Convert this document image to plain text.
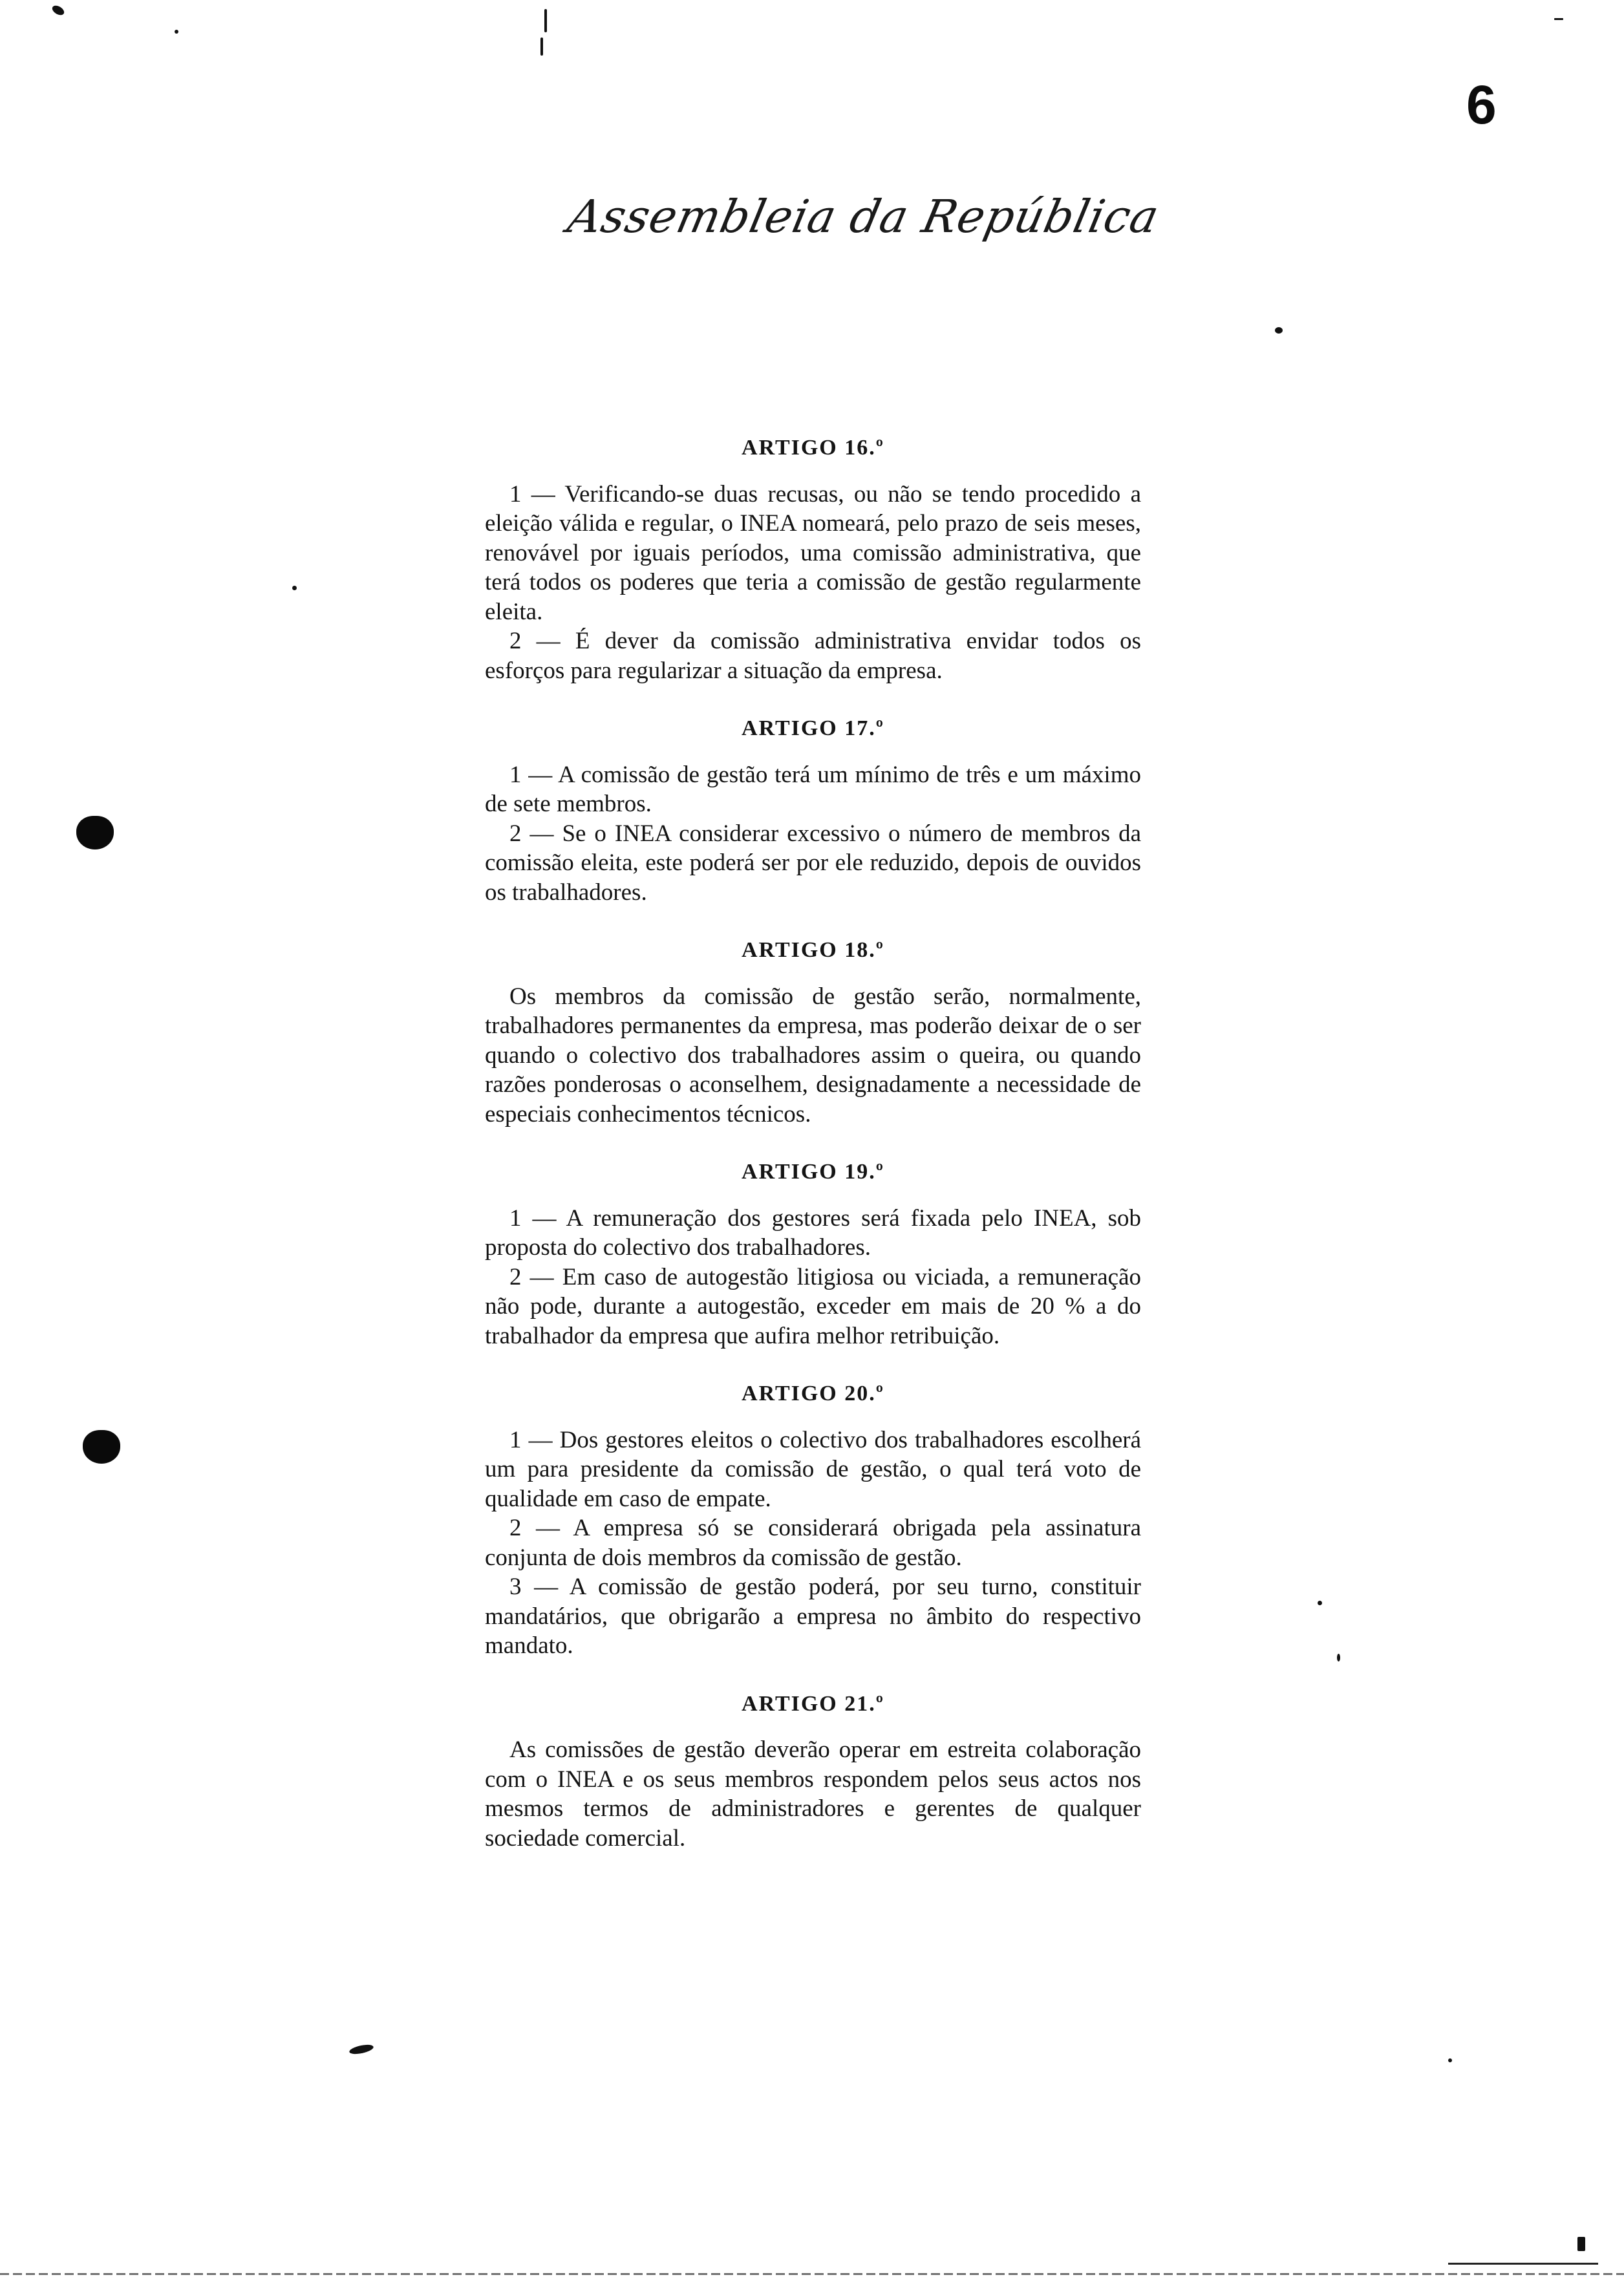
6
Assembleia da República
ARTIGO 16.º

1 — Verificando-se duas recusas, ou não se tendo procedido a eleição válida e regular, o INEA nomeará, pelo prazo de seis meses, renovável por iguais períodos, uma comissão administrativa, que terá todos os poderes que teria a comissão de gestão regularmente eleita.

2 — É dever da comissão administrativa envidar todos os esforços para regularizar a situação da empresa.

ARTIGO 17.º

1 — A comissão de gestão terá um mínimo de três e um máximo de sete membros.

2 — Se o INEA considerar excessivo o número de membros da comissão eleita, este poderá ser por ele reduzido, depois de ouvidos os trabalhadores.

ARTIGO 18.º

Os membros da comissão de gestão serão, normalmente, trabalhadores permanentes da empresa, mas poderão deixar de o ser quando o colectivo dos trabalhadores assim o queira, ou quando razões ponderosas o aconselhem, designadamente a necessidade de especiais conhecimentos técnicos.

ARTIGO 19.º

1 — A remuneração dos gestores será fixada pelo INEA, sob proposta do colectivo dos trabalhadores.

2 — Em caso de autogestão litigiosa ou viciada, a remuneração não pode, durante a autogestão, exceder em mais de 20 % a do trabalhador da empresa que aufira melhor retribuição.

ARTIGO 20.º

1 — Dos gestores eleitos o colectivo dos trabalhadores escolherá um para presidente da comissão de gestão, o qual terá voto de qualidade em caso de empate.

2 — A empresa só se considerará obrigada pela assinatura conjunta de dois membros da comissão de gestão.

3 — A comissão de gestão poderá, por seu turno, constituir mandatários, que obrigarão a empresa no âmbito do respectivo mandato.

ARTIGO 21.º

As comissões de gestão deverão operar em estreita colaboração com o INEA e os seus membros respondem pelos seus actos nos mesmos termos de administradores e gerentes de qualquer sociedade comercial.
